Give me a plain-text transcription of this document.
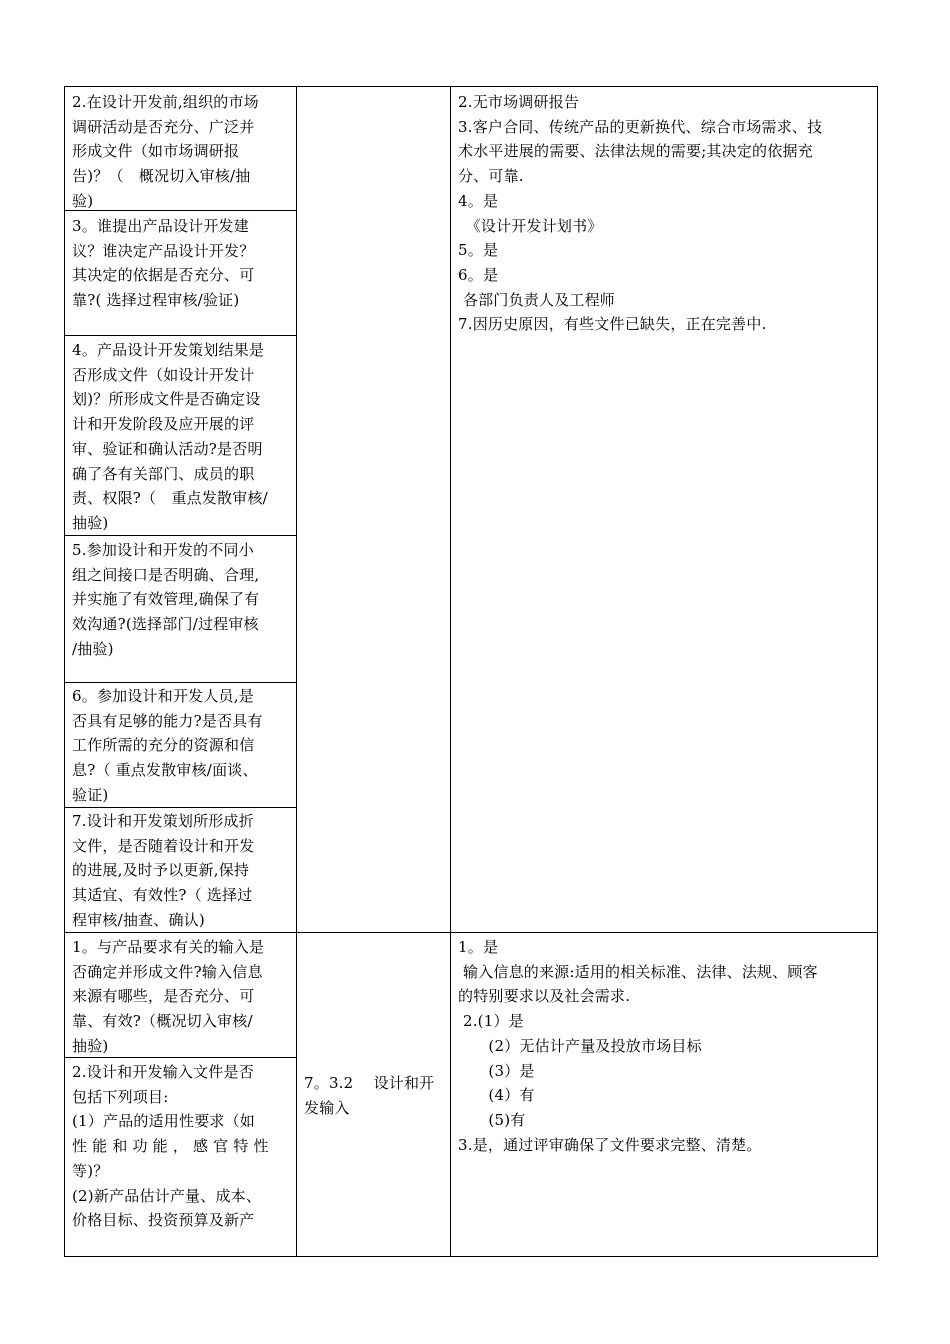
2.在设计开发前,组织的市场

调研活动是否充分、广泛并

形成文件（如市场调研报

告)？（　概况切入审核/抽

验)

3。谁提出产品设计开发建

议？谁决定产品设计开发？

其决定的依据是否充分、可

靠?( 选择过程审核/验证)

4。产品设计开发策划结果是

否形成文件（如设计开发计

划)？所形成文件是否确定设

计和开发阶段及应开展的评

审、验证和确认活动?是否明

确了各有关部门、成员的职

责、权限?（　重点发散审核/

抽验)

5.参加设计和开发的不同小

组之间接口是否明确、合理,

并实施了有效管理,确保了有

效沟通?(选择部门/过程审核

/抽验)

6。参加设计和开发人员,是

否具有足够的能力?是否具有

工作所需的充分的资源和信

息?（ 重点发散审核/面谈、

验证)

7.设计和开发策划所形成折

文件，是否随着设计和开发

的进展,及时予以更新,保持

其适宜、有效性?（ 选择过

程审核/抽查、确认)

2.无市场调研报告

3.客户合同、传统产品的更新换代、综合市场需求、技

术水平进展的需要、法律法规的需要;其决定的依据充

分、可靠.

4。是

　《设计开发计划书》

5。是

6。是

各部门负责人及工程师

7.因历史原因，有些文件已缺失，正在完善中.

1。与产品要求有关的输入是

否确定并形成文件?输入信息

来源有哪些，是否充分、可

靠、有效?（概况切入审核/

抽验)

2.设计和开发输入文件是否

包括下列项目:

(1）产品的适用性要求（如

性 能 和 功 能 ， 感 官 特 性

等)？

(2)新产品估计产量、成本、

价格目标、投资预算及新产

7。3.2　 设计和开

发输入

1。是

输入信息的来源:适用的相关标准、法律、法规、顾客

的特别要求以及社会需求.

2.(1）是

　　(2）无估计产量及投放市场目标

　　(3）是

　　(4）有

　　(5)有

3.是，通过评审确保了文件要求完整、清楚。
